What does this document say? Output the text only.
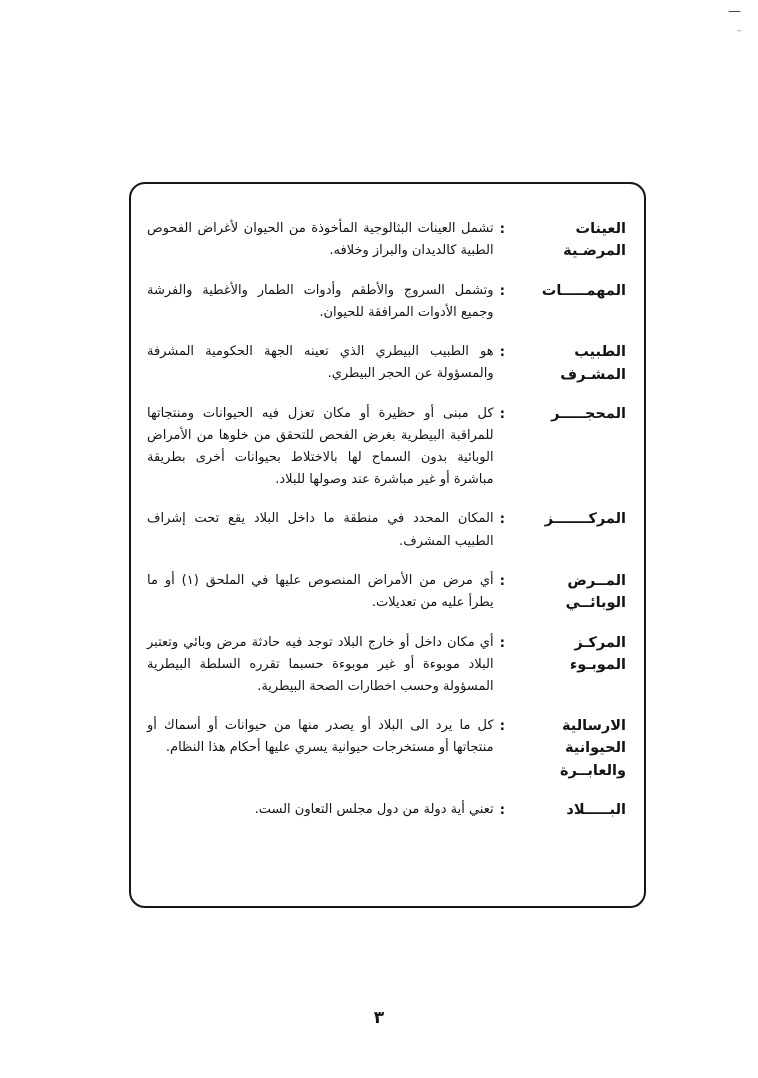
—
–
العينات المرضـية
:

تشمل العينات البثالوجية المأخوذة من الحيوان لأغراض الفحوص الطبية كالديدان والبراز وخلافه.

المهمـــــات
:

وتشمل السروج والأطقم وأدوات الطمار والأغطية والفرشة وجميع الأدوات المرافقة للحيوان.

الطبيب المشـرف
:

هو الطبيب البيطري الذي تعينه الجهة الحكومية المشرفة والمسؤولة عن الحجر البيطري.

المحجـــــر
:

كل مبنى أو حظيرة أو مكان تعزل فيه الحيوانات ومنتجاتها للمراقبة البيطرية بغرض الفحص للتحقق من خلوها من الأمراض الوبائية بدون السماح لها بالاختلاط بحيوانات أخرى بطريقة مباشرة أو غير مباشرة عند وصولها للبلاد.

المركـــــــز
:

المكان المحدد في منطقة ما داخل البلاد يقع تحت إشراف الطبيب المشرف.

المــرض الوبائــي
:

أي مرض من الأمراض المنصوص عليها في الملحق (١) أو ما يطرأ عليه من تعديلات.

المركـز الموبـوء
:

أي مكان داخل أو خارج البلاد توجد فيه حادثة مرض وبائي وتعتبر البلاد موبوءة أو غير موبوءة حسبما تقرره السلطة البيطرية المسؤولة وحسب اخطارات الصحة البيطرية.

الارسالية الحيوانية والعابــرة
:

كل ما يرد الى البلاد أو يصدر منها من حيوانات أو أسماك أو منتجاتها أو مستخرجات حيوانية يسري عليها أحكام هذا النظام.

البـــــلاد
:

تعني أية دولة من دول مجلس التعاون الست.

٣
